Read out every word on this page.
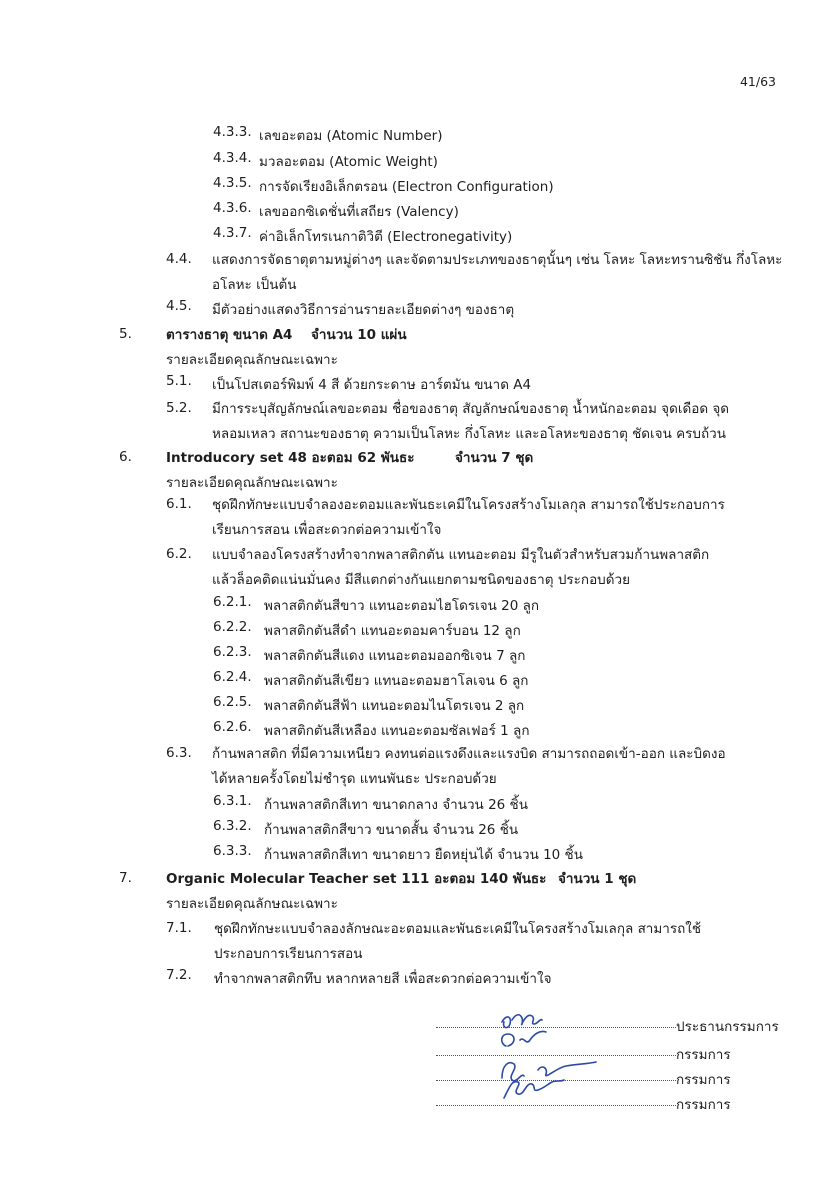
41/63
4.3.3. เลขอะตอม (Atomic Number)
4.3.4. มวลอะตอม (Atomic Weight)
4.3.5. การจัดเรียงอิเล็กตรอน (Electron Configuration)
4.3.6. เลขออกซิเดชั่นที่เสถียร (Valency)
4.3.7. ค่าอิเล็กโทรเนกาติวิตี (Electronegativity)
4.4. แสดงการจัดธาตุตามหมู่ต่างๆ และจัดตามประเภทของธาตุนั้นๆ เช่น โลหะ โลหะทรานซิชัน กึ่งโลหะ
อโลหะ เป็นต้น
4.5. มีตัวอย่างแสดงวิธีการอ่านรายละเอียดต่างๆ ของธาตุ
5.	ตารางธาตุ ขนาด A4 จำนวน 10 แผ่น
รายละเอียดคุณลักษณะเฉพาะ
5.1. เป็นโปสเตอร์พิมพ์ 4 สี ด้วยกระดาษ อาร์ตมัน ขนาด A4
5.2. มีการระบุสัญลักษณ์เลขอะตอม ชื่อของธาตุ สัญลักษณ์ของธาตุ น้ำหนักอะตอม จุดเดือด จุด
หลอมเหลว สถานะของธาตุ ความเป็นโลหะ กึ่งโลหะ และอโลหะของธาตุ ชัดเจน ครบถ้วน
6.	Introducory set 48 อะตอม 62 พันธะ	จำนวน 7 ชุด
รายละเอียดคุณลักษณะเฉพาะ
6.1. ชุดฝึกทักษะแบบจำลองอะตอมและพันธะเคมีในโครงสร้างโมเลกุล สามารถใช้ประกอบการ
เรียนการสอน เพื่อสะดวกต่อความเข้าใจ
6.2. แบบจำลองโครงสร้างทำจากพลาสติกตัน แทนอะตอม มีรูในตัวสำหรับสวมก้านพลาสติก
แล้วล็อคติดแน่นมั่นคง มีสีแตกต่างกันแยกตามชนิดของธาตุ ประกอบด้วย
6.2.1. พลาสติกตันสีขาว แทนอะตอมไฮโดรเจน 20 ลูก
6.2.2. พลาสติกตันสีดำ แทนอะตอมคาร์บอน 12 ลูก
6.2.3. พลาสติกตันสีแดง แทนอะตอมออกซิเจน 7 ลูก
6.2.4. พลาสติกตันสีเขียว แทนอะตอมฮาโลเจน 6 ลูก
6.2.5. พลาสติกตันสีฟ้า แทนอะตอมไนโตรเจน 2 ลูก
6.2.6. พลาสติกตันสีเหลือง แทนอะตอมซัลเฟอร์ 1 ลูก
6.3. ก้านพลาสติก ที่มีความเหนียว คงทนต่อแรงดึงและแรงบิด สามารถถอดเข้า-ออก และบิดงอ
ได้หลายครั้งโดยไม่ชำรุด แทนพันธะ ประกอบด้วย
6.3.1. ก้านพลาสติกสีเทา ขนาดกลาง จำนวน 26 ชิ้น
6.3.2. ก้านพลาสติกสีขาว ขนาดสั้น จำนวน 26 ชิ้น
6.3.3. ก้านพลาสติกสีเทา ขนาดยาว ยืดหยุ่นได้ จำนวน 10 ชิ้น
7.	Organic Molecular Teacher set 111 อะตอม 140 พันธะ จำนวน 1 ชุด
รายละเอียดคุณลักษณะเฉพาะ
7.1. ชุดฝึกทักษะแบบจำลองลักษณะอะตอมและพันธะเคมีในโครงสร้างโมเลกุล สามารถใช้
ประกอบการเรียนการสอน
7.2. ทำจากพลาสติกทึบ หลากหลายสี เพื่อสะดวกต่อความเข้าใจ
ประธานกรรมการ
กรรมการ
กรรมการ
กรรมการ
